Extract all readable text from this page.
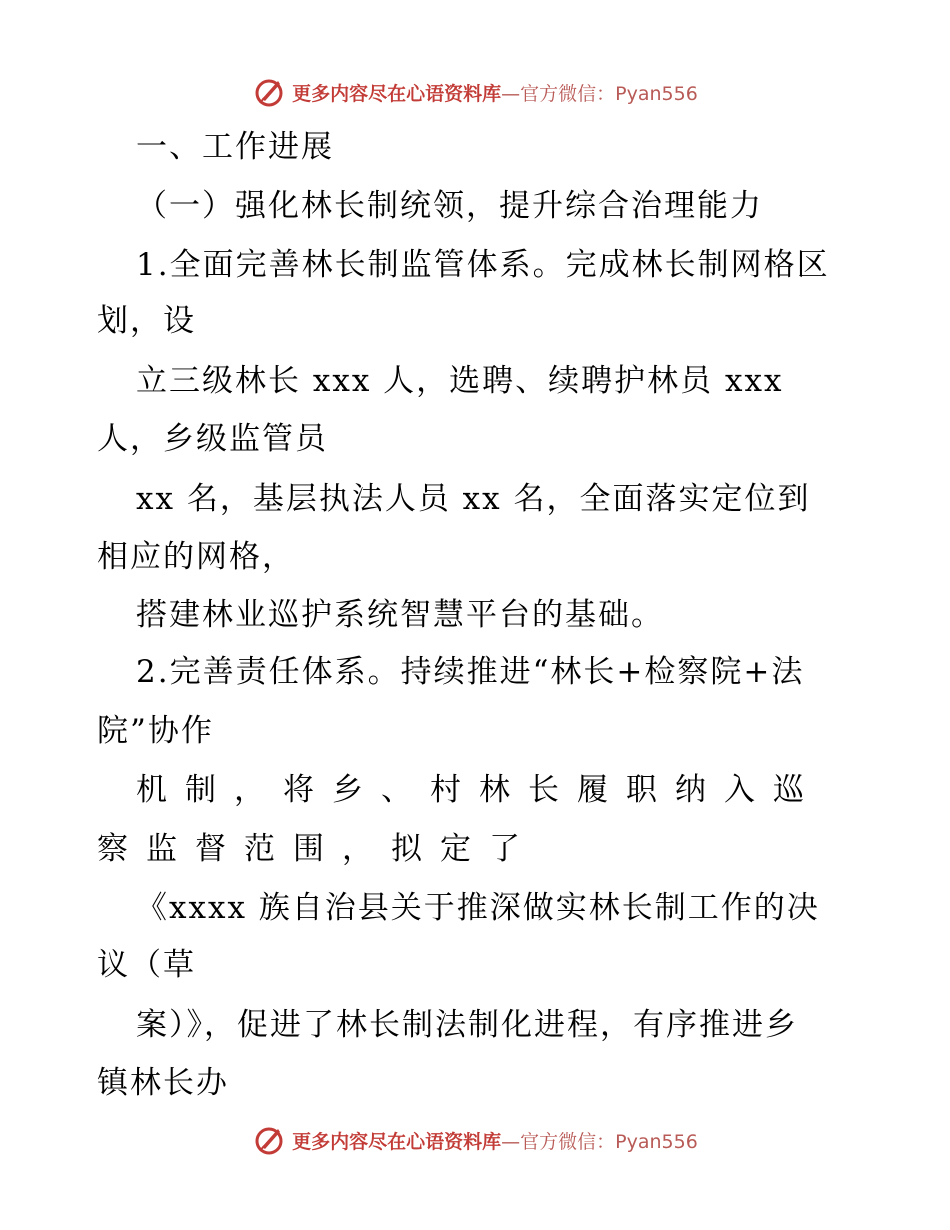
更多内容尽在心语资料库—官方微信：Pyan556
一、工作进展
（一）强化林长制统领，提升综合治理能力
1.全面完善林长制监管体系。完成林长制网格区
划，设
立三级林长 xxx 人，选聘、续聘护林员 xxx
人，乡级监管员
xx 名，基层执法人员 xx 名，全面落实定位到
相应的网格，
搭建林业巡护系统智慧平台的基础。
2.完善责任体系。持续推进“林长+检察院+法
院”协作
机制，将乡、村林长履职纳入巡
察监督范围，拟定了
《xxxx 族自治县关于推深做实林长制工作的决
议（草
案）》，促进了林长制法制化进程，有序推进乡
镇林长办
更多内容尽在心语资料库—官方微信：Pyan556
